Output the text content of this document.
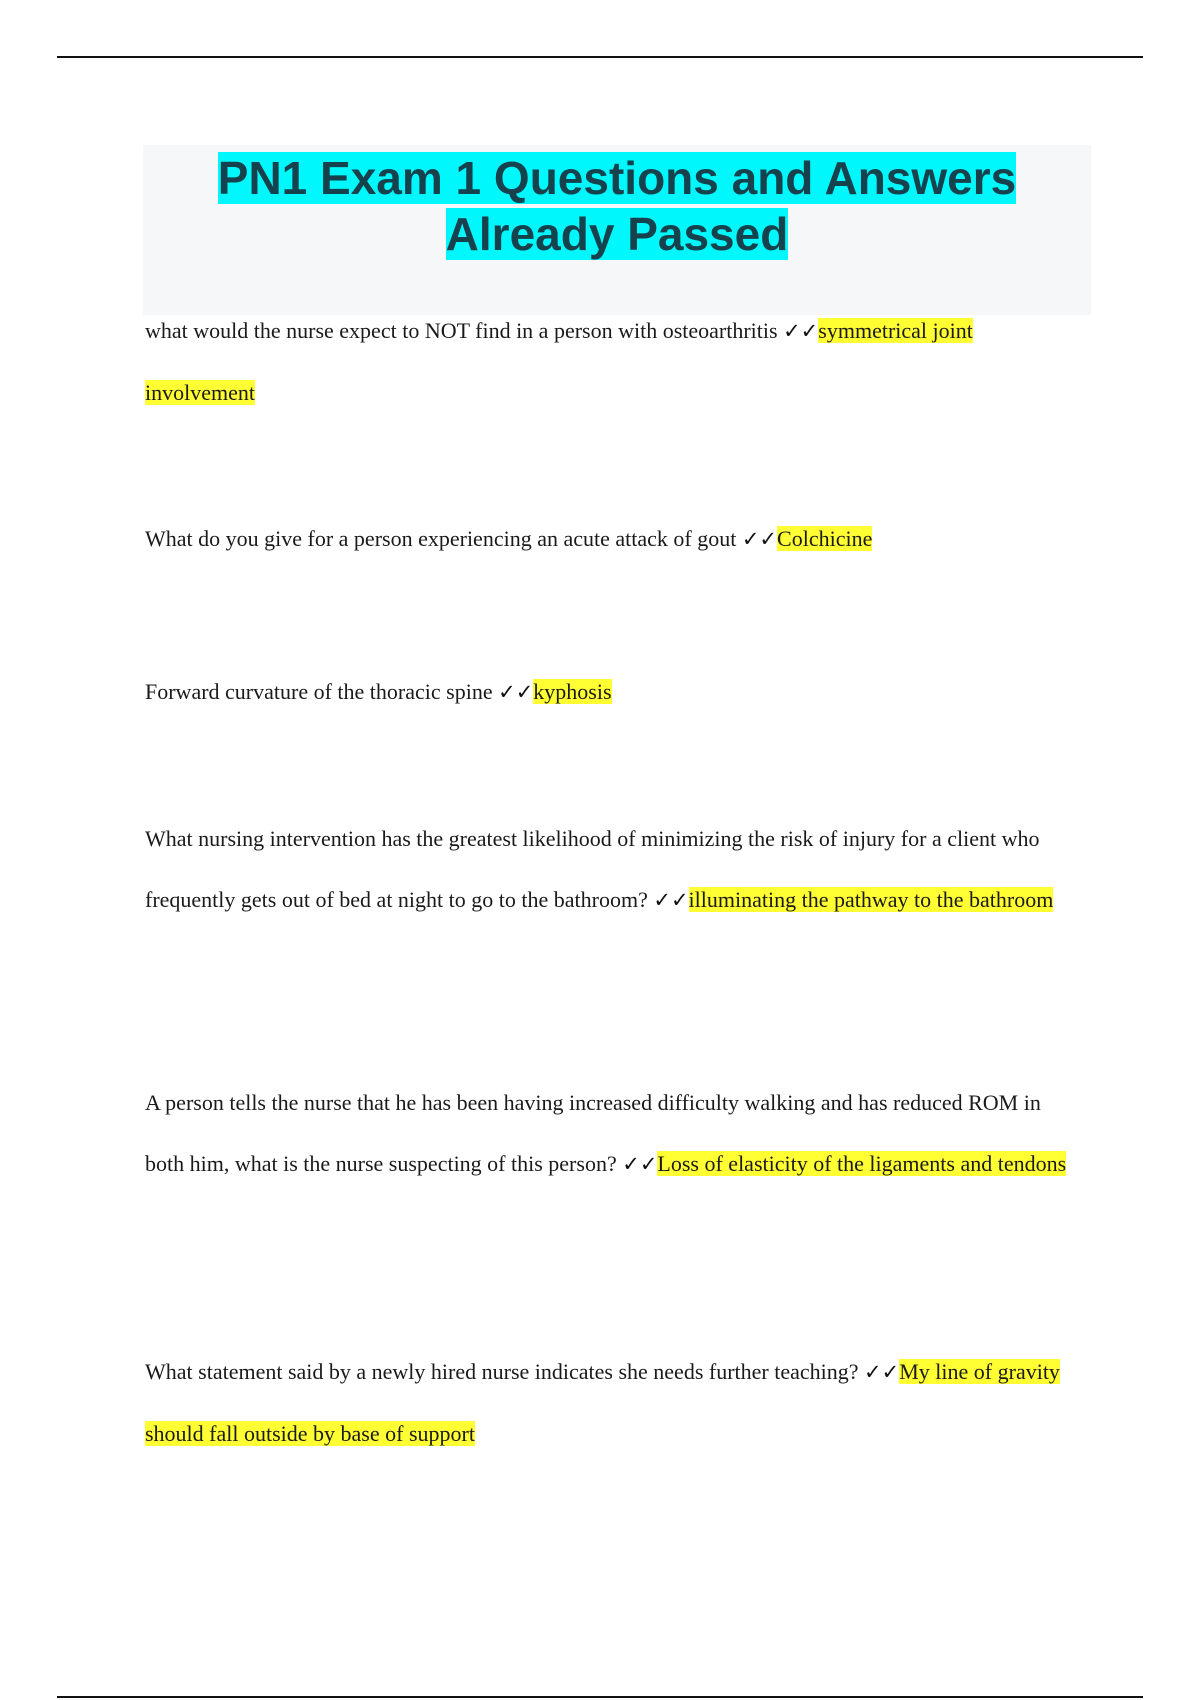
PN1 Exam 1 Questions and Answers Already Passed

what would the nurse expect to NOT find in a person with osteoarthritis ✓✓symmetrical joint involvement

What do you give for a person experiencing an acute attack of gout ✓✓Colchicine

Forward curvature of the thoracic spine ✓✓kyphosis

What nursing intervention has the greatest likelihood of minimizing the risk of injury for a client who frequently gets out of bed at night to go to the bathroom? ✓✓illuminating the pathway to the bathroom

A person tells the nurse that he has been having increased difficulty walking and has reduced ROM in both him, what is the nurse suspecting of this person? ✓✓Loss of elasticity of the ligaments and tendons

What statement said by a newly hired nurse indicates she needs further teaching? ✓✓My line of gravity should fall outside by base of support
